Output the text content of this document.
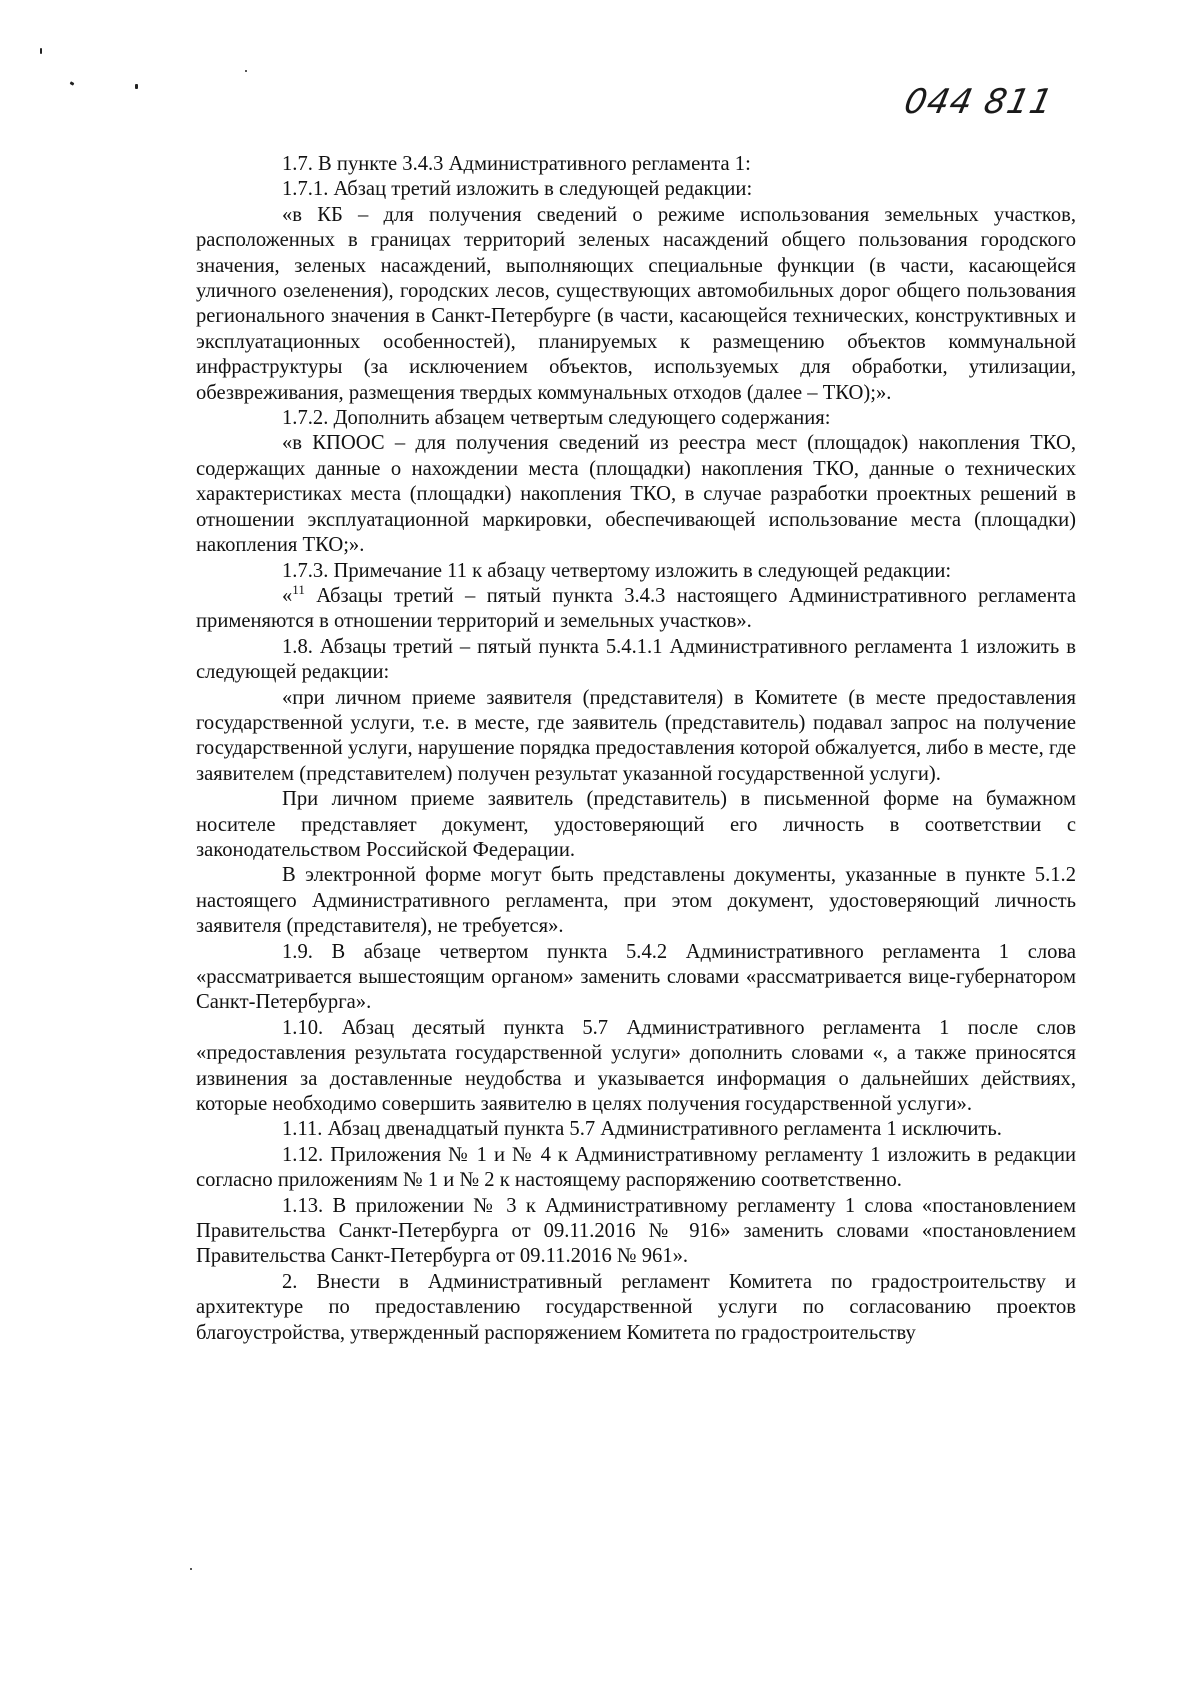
044 811

1.7. В пункте 3.4.3 Административного регламента 1:

1.7.1. Абзац третий изложить в следующей редакции:

«в КБ – для получения сведений о режиме использования земельных участков, расположенных в границах территорий зеленых насаждений общего пользования городского значения, зеленых насаждений, выполняющих специальные функции (в части, касающейся уличного озеленения), городских лесов, существующих автомобильных дорог общего пользования регионального значения в Санкт-Петербурге (в части, касающейся технических, конструктивных и эксплуатационных особенностей), планируемых к размещению объектов коммунальной инфраструктуры (за исключением объектов, используемых для обработки, утилизации, обезвреживания, размещения твердых коммунальных отходов (далее – ТКО);».

1.7.2. Дополнить абзацем четвертым следующего содержания:

«в КПООС – для получения сведений из реестра мест (площадок) накопления ТКО, содержащих данные о нахождении места (площадки) накопления ТКО, данные о технических характеристиках места (площадки) накопления ТКО, в случае разработки проектных решений в отношении эксплуатационной маркировки, обеспечивающей использование места (площадки) накопления ТКО;».

1.7.3. Примечание 11 к абзацу четвертому изложить в следующей редакции:

«$^{11}$ Абзацы третий – пятый пункта 3.4.3 настоящего Административного регламента применяются в отношении территорий и земельных участков».

1.8. Абзацы третий – пятый пункта 5.4.1.1 Административного регламента 1 изложить в следующей редакции:

«при личном приеме заявителя (представителя) в Комитете (в месте предоставления государственной услуги, т.е. в месте, где заявитель (представитель) подавал запрос на получение государственной услуги, нарушение порядка предоставления которой обжалуется, либо в месте, где заявителем (представителем) получен результат указанной государственной услуги).

При личном приеме заявитель (представитель) в письменной форме на бумажном носителе представляет документ, удостоверяющий его личность в соответствии с законодательством Российской Федерации.

В электронной форме могут быть представлены документы, указанные в пункте 5.1.2 настоящего Административного регламента, при этом документ, удостоверяющий личность заявителя (представителя), не требуется».

1.9. В абзаце четвертом пункта 5.4.2 Административного регламента 1 слова «рассматривается вышестоящим органом» заменить словами «рассматривается вице-губернатором Санкт-Петербурга».

1.10. Абзац десятый пункта 5.7 Административного регламента 1 после слов «предоставления результата государственной услуги» дополнить словами «, а также приносятся извинения за доставленные неудобства и указывается информация о дальнейших действиях, которые необходимо совершить заявителю в целях получения государственной услуги».

1.11. Абзац двенадцатый пункта 5.7 Административного регламента 1 исключить.

1.12. Приложения № 1 и № 4 к Административному регламенту 1 изложить в редакции согласно приложениям № 1 и № 2 к настоящему распоряжению соответственно.

1.13. В приложении № 3 к Административному регламенту 1 слова «постановлением Правительства Санкт-Петербурга от 09.11.2016 № 916» заменить словами «постановлением Правительства Санкт-Петербурга от 09.11.2016 № 961».

2. Внести в Административный регламент Комитета по градостроительству и архитектуре по предоставлению государственной услуги по согласованию проектов благоустройства, утвержденный распоряжением Комитета по градостроительству
